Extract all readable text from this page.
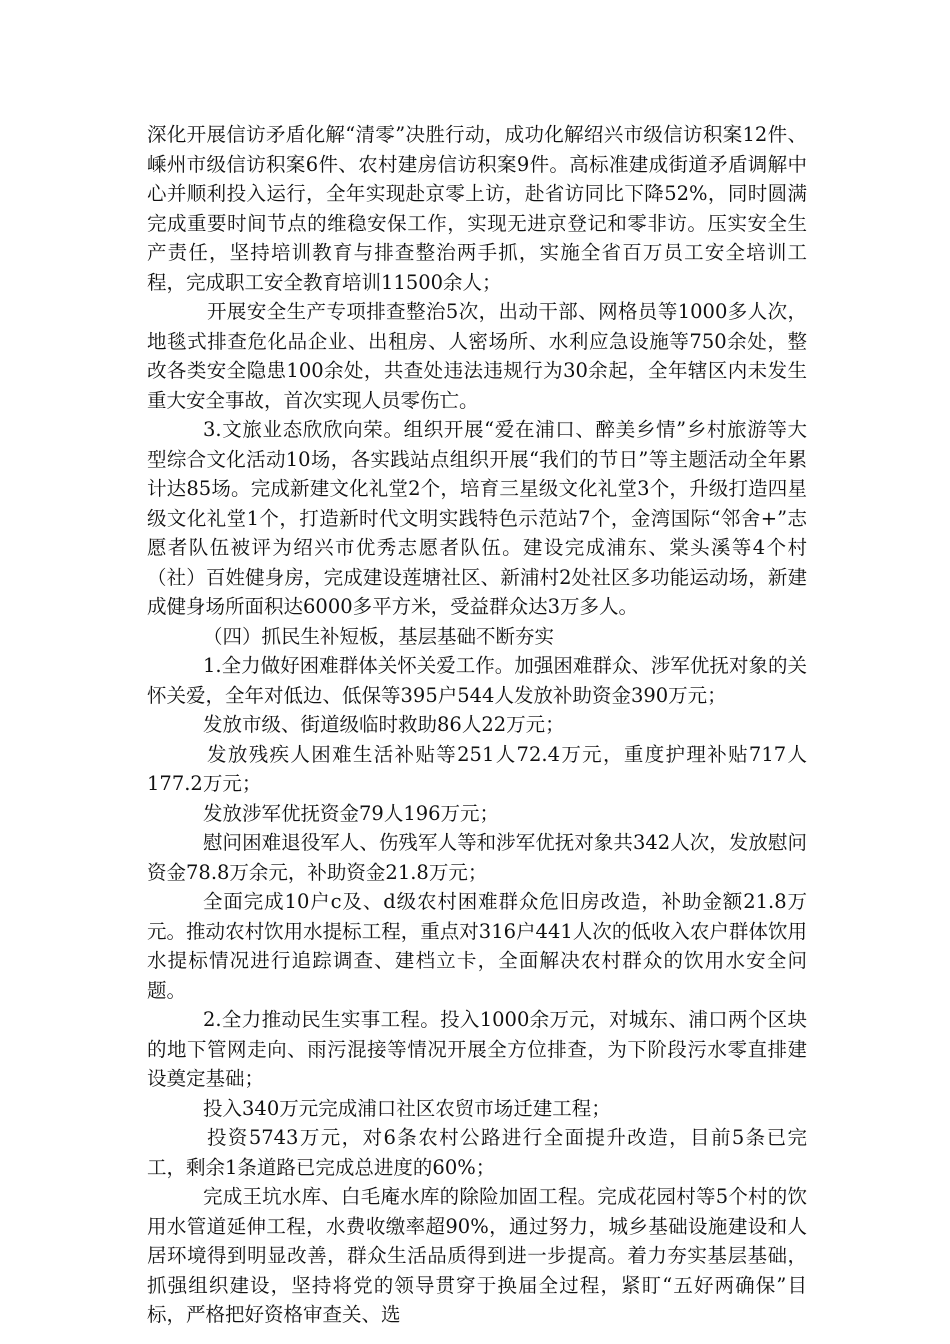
深化开展信访矛盾化解“清零”决胜行动，成功化解绍兴市级信访积案12件、嵊州市级信访积案6件、农村建房信访积案9件。高标准建成街道矛盾调解中心并顺利投入运行，全年实现赴京零上访，赴省访同比下降52%，同时圆满完成重要时间节点的维稳安保工作，实现无进京登记和零非访。压实安全生产责任，坚持培训教育与排查整治两手抓，实施全省百万员工安全培训工程，完成职工安全教育培训11500余人；

开展安全生产专项排查整治5次，出动干部、网格员等1000多人次，地毯式排查危化品企业、出租房、人密场所、水利应急设施等750余处，整改各类安全隐患100余处，共查处违法违规行为30余起，全年辖区内未发生重大安全事故，首次实现人员零伤亡。

3.文旅业态欣欣向荣。组织开展“爱在浦口、醉美乡情”乡村旅游等大型综合文化活动10场，各实践站点组织开展“我们的节日”等主题活动全年累计达85场。完成新建文化礼堂2个，培育三星级文化礼堂3个，升级打造四星级文化礼堂1个，打造新时代文明实践特色示范站7个，金湾国际“邻舍+”志愿者队伍被评为绍兴市优秀志愿者队伍。建设完成浦东、棠头溪等4个村（社）百姓健身房，完成建设莲塘社区、新浦村2处社区多功能运动场，新建成健身场所面积达6000多平方米，受益群众达3万多人。

（四）抓民生补短板，基层基础不断夯实

1.全力做好困难群体关怀关爱工作。加强困难群众、涉军优抚对象的关怀关爱，全年对低边、低保等395户544人发放补助资金390万元；

发放市级、街道级临时救助86人22万元；

发放残疾人困难生活补贴等251人72.4万元，重度护理补贴717人177.2万元；

发放涉军优抚资金79人196万元；

慰问困难退役军人、伤残军人等和涉军优抚对象共342人次，发放慰问资金78.8万余元，补助资金21.8万元；

全面完成10户c及、d级农村困难群众危旧房改造，补助金额21.8万元。推动农村饮用水提标工程，重点对316户441人次的低收入农户群体饮用水提标情况进行追踪调查、建档立卡，全面解决农村群众的饮用水安全问题。

2.全力推动民生实事工程。投入1000余万元，对城东、浦口两个区块的地下管网走向、雨污混接等情况开展全方位排查，为下阶段污水零直排建设奠定基础；

投入340万元完成浦口社区农贸市场迁建工程；

投资5743万元，对6条农村公路进行全面提升改造，目前5条已完工，剩余1条道路已完成总进度的60%；

完成王坑水库、白毛庵水库的除险加固工程。完成花园村等5个村的饮用水管道延伸工程，水费收缴率超90%，通过努力，城乡基础设施建设和人居环境得到明显改善，群众生活品质得到进一步提高。着力夯实基层基础，抓强组织建设，坚持将党的领导贯穿于换届全过程，紧盯“五好两确保”目标，严格把好资格审查关、选
